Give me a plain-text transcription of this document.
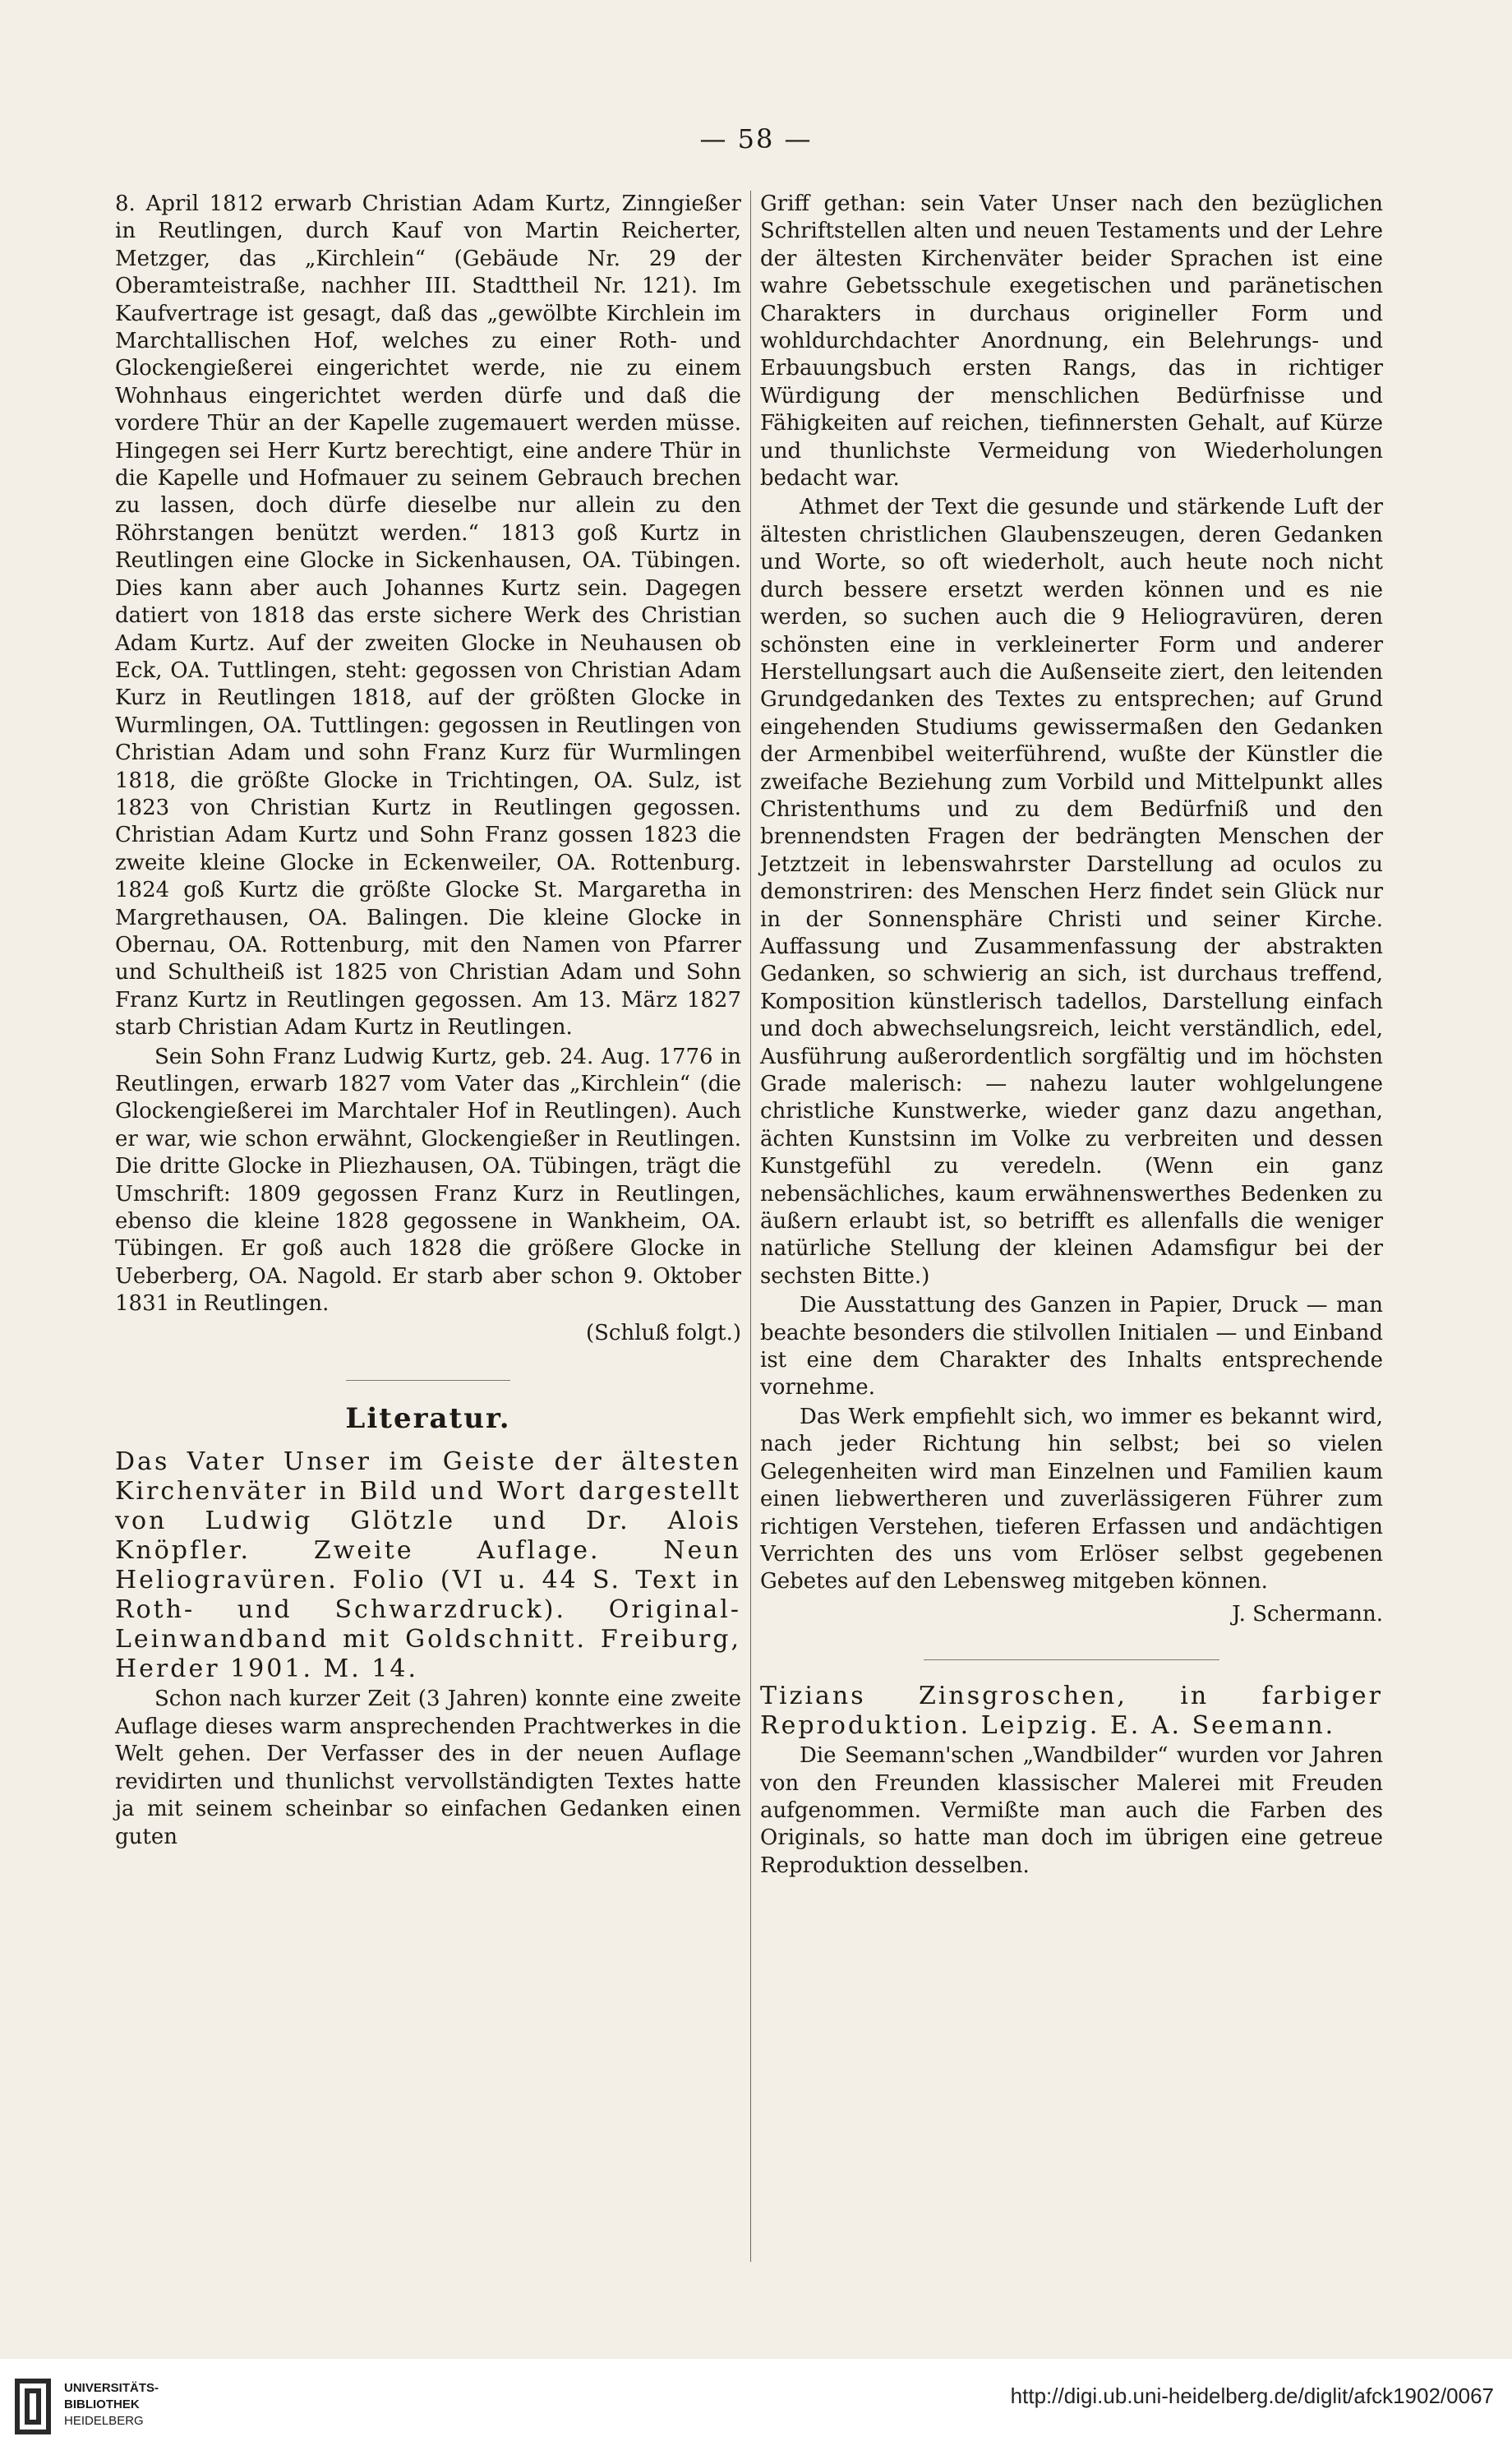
— 58 —

8. April 1812 erwarb Christian Adam Kurtz, Zinngießer in Reutlingen, durch Kauf von Martin Reicherter, Metzger, das „Kirchlein“ (Gebäude Nr. 29 der Oberamteistraße, nachher III. Stadttheil Nr. 121). Im Kaufvertrage ist gesagt, daß das „gewölbte Kirchlein im Marchtallischen Hof, welches zu einer Roth- und Glockengießerei eingerichtet werde, nie zu einem Wohnhaus eingerichtet werden dürfe und daß die vordere Thür an der Kapelle zugemauert werden müsse. Hingegen sei Herr Kurtz berechtigt, eine andere Thür in die Kapelle und Hofmauer zu seinem Gebrauch brechen zu lassen, doch dürfe dieselbe nur allein zu den Röhrstangen benützt werden.“ 1813 goß Kurtz in Reutlingen eine Glocke in Sickenhausen, OA. Tübingen. Dies kann aber auch Johannes Kurtz sein. Dagegen datiert von 1818 das erste sichere Werk des Christian Adam Kurtz. Auf der zweiten Glocke in Neuhausen ob Eck, OA. Tuttlingen, steht: gegossen von Christian Adam Kurz in Reutlingen 1818, auf der größten Glocke in Wurmlingen, OA. Tuttlingen: gegossen in Reutlingen von Christian Adam und sohn Franz Kurz für Wurmlingen 1818, die größte Glocke in Trichtingen, OA. Sulz, ist 1823 von Christian Kurtz in Reutlingen gegossen. Christian Adam Kurtz und Sohn Franz gossen 1823 die zweite kleine Glocke in Eckenweiler, OA. Rottenburg. 1824 goß Kurtz die größte Glocke St. Margaretha in Margrethausen, OA. Balingen. Die kleine Glocke in Obernau, OA. Rottenburg, mit den Namen von Pfarrer und Schultheiß ist 1825 von Christian Adam und Sohn Franz Kurtz in Reutlingen gegossen. Am 13. März 1827 starb Christian Adam Kurtz in Reutlingen.

Sein Sohn Franz Ludwig Kurtz, geb. 24. Aug. 1776 in Reutlingen, erwarb 1827 vom Vater das „Kirchlein“ (die Glockengießerei im Marchtaler Hof in Reutlingen). Auch er war, wie schon erwähnt, Glockengießer in Reutlingen. Die dritte Glocke in Pliezhausen, OA. Tübingen, trägt die Umschrift: 1809 gegossen Franz Kurz in Reutlingen, ebenso die kleine 1828 gegossene in Wankheim, OA. Tübingen. Er goß auch 1828 die größere Glocke in Ueberberg, OA. Nagold. Er starb aber schon 9. Oktober 1831 in Reutlingen.

(Schluß folgt.)
Literatur.

Das Vater Unser im Geiste der ältesten Kirchenväter in Bild und Wort dargestellt von Ludwig Glötzle und Dr. Alois Knöpfler. Zweite Auflage. Neun Heliogravüren. Folio (VI u. 44 S. Text in Roth- und Schwarzdruck). Original-Leinwandband mit Goldschnitt. Freiburg, Herder 1901. M. 14.

Schon nach kurzer Zeit (3 Jahren) konnte eine zweite Auflage dieses warm ansprechenden Prachtwerkes in die Welt gehen. Der Verfasser des in der neuen Auflage revidirten und thunlichst vervollständigten Textes hatte ja mit seinem scheinbar so einfachen Gedanken einen guten

Griff gethan: sein Vater Unser nach den bezüglichen Schriftstellen alten und neuen Testaments und der Lehre der ältesten Kirchenväter beider Sprachen ist eine wahre Gebetsschule exegetischen und paränetischen Charakters in durchaus origineller Form und wohldurchdachter Anordnung, ein Belehrungs- und Erbauungsbuch ersten Rangs, das in richtiger Würdigung der menschlichen Bedürfnisse und Fähigkeiten auf reichen, tiefinnersten Gehalt, auf Kürze und thunlichste Vermeidung von Wiederholungen bedacht war.

Athmet der Text die gesunde und stärkende Luft der ältesten christlichen Glaubenszeugen, deren Gedanken und Worte, so oft wiederholt, auch heute noch nicht durch bessere ersetzt werden können und es nie werden, so suchen auch die 9 Heliogravüren, deren schönsten eine in verkleinerter Form und anderer Herstellungsart auch die Außenseite ziert, den leitenden Grundgedanken des Textes zu entsprechen; auf Grund eingehenden Studiums gewissermaßen den Gedanken der Armenbibel weiterführend, wußte der Künstler die zweifache Beziehung zum Vorbild und Mittelpunkt alles Christenthums und zu dem Bedürfniß und den brennendsten Fragen der bedrängten Menschen der Jetztzeit in lebenswahrster Darstellung ad oculos zu demonstriren: des Menschen Herz findet sein Glück nur in der Sonnensphäre Christi und seiner Kirche. Auffassung und Zusammenfassung der abstrakten Gedanken, so schwierig an sich, ist durchaus treffend, Komposition künstlerisch tadellos, Darstellung einfach und doch abwechselungsreich, leicht verständlich, edel, Ausführung außerordentlich sorgfältig und im höchsten Grade malerisch: — nahezu lauter wohlgelungene christliche Kunstwerke, wieder ganz dazu angethan, ächten Kunstsinn im Volke zu verbreiten und dessen Kunstgefühl zu veredeln. (Wenn ein ganz nebensächliches, kaum erwähnenswerthes Bedenken zu äußern erlaubt ist, so betrifft es allenfalls die weniger natürliche Stellung der kleinen Adamsfigur bei der sechsten Bitte.)

Die Ausstattung des Ganzen in Papier, Druck — man beachte besonders die stilvollen Initialen — und Einband ist eine dem Charakter des Inhalts entsprechende vornehme.

Das Werk empfiehlt sich, wo immer es bekannt wird, nach jeder Richtung hin selbst; bei so vielen Gelegenheiten wird man Einzelnen und Familien kaum einen liebwertheren und zuverlässigeren Führer zum richtigen Verstehen, tieferen Erfassen und andächtigen Verrichten des uns vom Erlöser selbst gegebenen Gebetes auf den Lebensweg mitgeben können.

J. Schermann.

Tizians Zinsgroschen, in farbiger Reproduktion. Leipzig. E. A. Seemann.

Die Seemann'schen „Wandbilder“ wurden vor Jahren von den Freunden klassischer Malerei mit Freuden aufgenommen. Vermißte man auch die Farben des Originals, so hatte man doch im übrigen eine getreue Reproduktion desselben.

UNIVERSITÄTS-
BIBLIOTHEK
HEIDELBERG
http://digi.ub.uni-heidelberg.de/diglit/afck1902/0067
